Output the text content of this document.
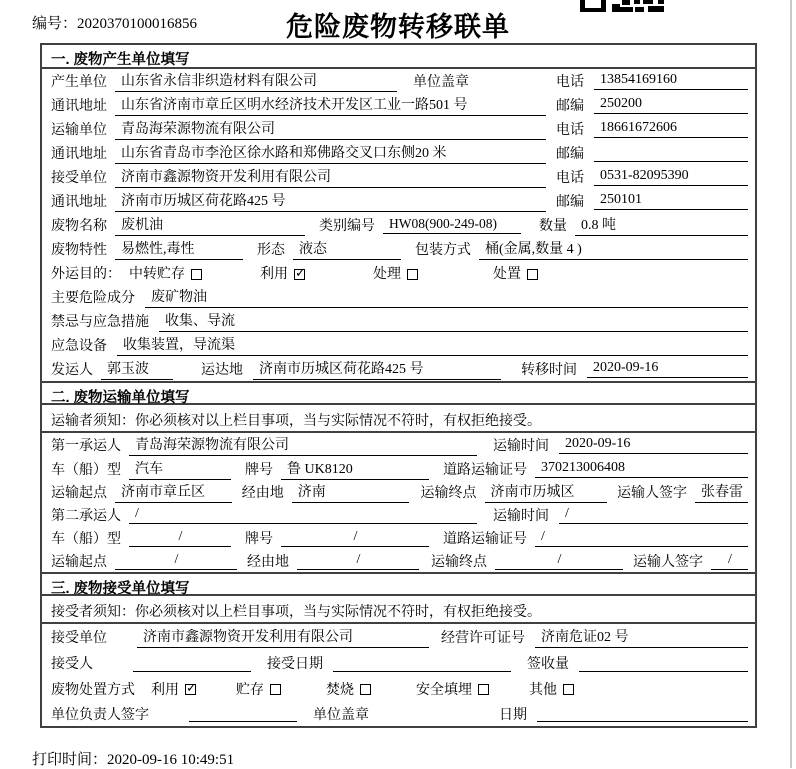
编号：2020370100016856	危险废物转移联单
一. 废物产生单位填写
产生单位	山东省永信非织造材料有限公司	单位盖章	电话	13854169160
通讯地址	山东省济南市章丘区明水经济技术开发区工业一路501 号	邮编	250200
运输单位	青岛海荣源物流有限公司	电话	18661672606
通讯地址	山东省青岛市李沧区徐水路和郑佛路交叉口东侧20 米	邮编
接受单位	济南市鑫源物资开发利用有限公司	电话	0531-82095390
通讯地址	济南市历城区荷花路425 号	邮编	250101
废物名称	废机油	类别编号	HW08(900-249-08)	数量	0.8 吨
废物特性	易燃性,毒性	形态	液态	包装方式	桶(金属,数量 4 )
外运目的： 中转贮存	利用 ✓	处理	处置
主要危险成分	废矿物油
禁忌与应急措施	收集、导流
应急设备	收集装置，导流渠
发运人	郭玉波	运达地	济南市历城区荷花路425 号	转移时间	2020-09-16
二. 废物运输单位填写
运输者须知：你必须核对以上栏目事项，当与实际情况不符时，有权拒绝接受。
第一承运人	青岛海荣源物流有限公司	运输时间	2020-09-16
车（船）型	汽车	牌号	鲁 UK8120	道路运输证号	370213006408
运输起点	济南市章丘区	经由地	济南	运输终点	济南市历城区	运输人签字	张春雷
第二承运人	/	运输时间	/
车（船）型	/	牌号	/	道路运输证号	/
运输起点	/	经由地	/	运输终点	/	运输人签字	/
三. 废物接受单位填写
接受者须知：你必须核对以上栏目事项，当与实际情况不符时，有权拒绝接受。
接受单位	济南市鑫源物资开发利用有限公司	经营许可证号	济南危证02 号
接受人	接受日期	签收量
废物处置方式 利用 ✓	贮存	焚烧	安全填埋	其他
单位负责人签字	单位盖章	日期
打印时间：2020-09-16 10:49:51
